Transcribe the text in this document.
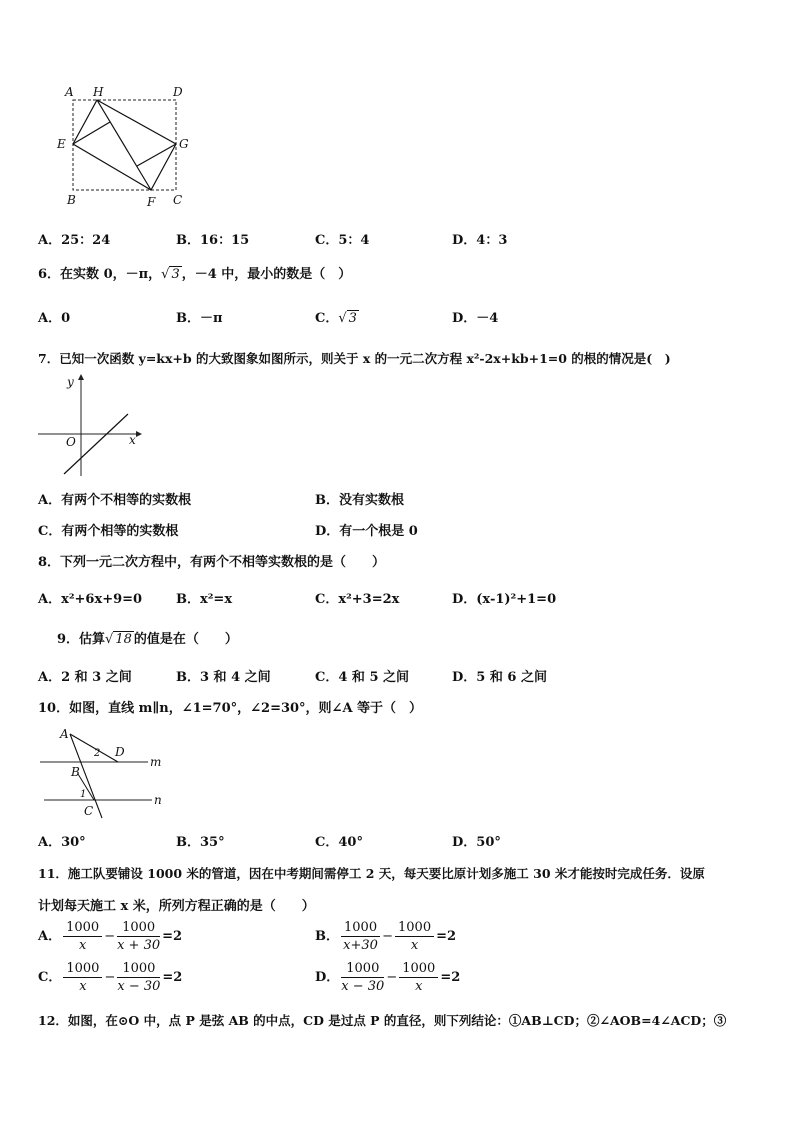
A H	D
E	G
B	F C
A．25：24	B．16：15	C．5：4	D．4：3
6．在实数 0，－π，√ 3 ，－4 中，最小的数是（　）
A．0	B．－π	C．√ 3	D．－4
7．已知一次函数 y=kx+b 的大致图象如图所示，则关于 x 的一元二次方程 x²-2x+kb+1=0 的根的情况是(　)
y
O	x
A．有两个不相等的实数根	B．没有实数根
C．有两个相等的实数根	D．有一个根是 0
8．下列一元二次方程中，有两个不相等实数根的是（　　）
A．x²+6x+9=0	B．x²=x	C．x²+3=2x	D．(x-1)²+1=0
9．估算√ 18 的值是在（　　）
A．2 和 3 之间	B．3 和 4 之间	C．4 和 5 之间	D．5 和 6 之间
10．如图，直线 m∥n，∠1=70°，∠2=30°，则∠A 等于（　）
A
2 D
m
B
1
C
n
A．30°	B．35°	C．40°	D．50°
11．施工队要铺设 1000 米的管道，因在中考期间需停工 2 天，每天要比原计划多施工 30 米才能按时完成任务．设原
计划每天施工 x 米，所列方程正确的是（　　）
A． $\frac{1000}{x} - \frac{1000}{x + 30} =2$	B． $\frac{1000}{x+30} - \frac{1000}{x} =2$
C． $\frac{1000}{x} - \frac{1000}{x - 30} =2$	D． $\frac{1000}{x - 30} - \frac{1000}{x} =2$
12．如图，在⊙O 中，点 P 是弦 AB 的中点，CD 是过点 P 的直径，则下列结论：①AB⊥CD；②∠AOB=4∠ACD；③
